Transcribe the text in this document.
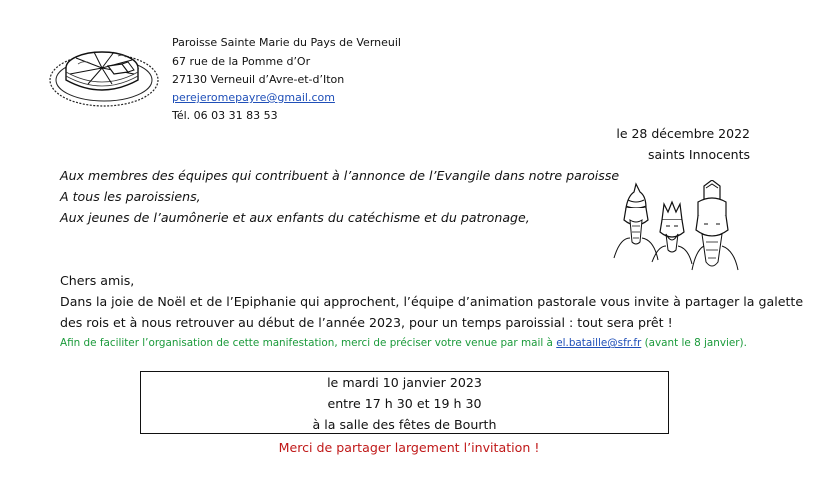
Paroisse Sainte Marie du Pays de Verneuil
67 rue de la Pomme d’Or
27130 Verneuil d’Avre-et-d’Iton
perejeromepayre@gmail.com
Tél. 06 03 31 83 53
le 28 décembre 2022
saints Innocents
Aux membres des équipes qui contribuent à l’annonce de l’Evangile dans notre paroisse
A tous les paroissiens,
Aux jeunes de l’aumônerie et aux enfants du catéchisme et du patronage,
Chers amis,
Dans la joie de Noël et de l’Epiphanie qui approchent, l’équipe d’animation pastorale vous invite à partager la galette
des rois et à nous retrouver au début de l’année 2023, pour un temps paroissial : tout sera prêt !
Afin de faciliter l’organisation de cette manifestation, merci de préciser votre venue par mail à el.bataille@sfr.fr (avant le 8 janvier).
le mardi 10 janvier 2023
entre 17 h 30 et 19 h 30
à la salle des fêtes de Bourth
Merci de partager largement l’invitation !
